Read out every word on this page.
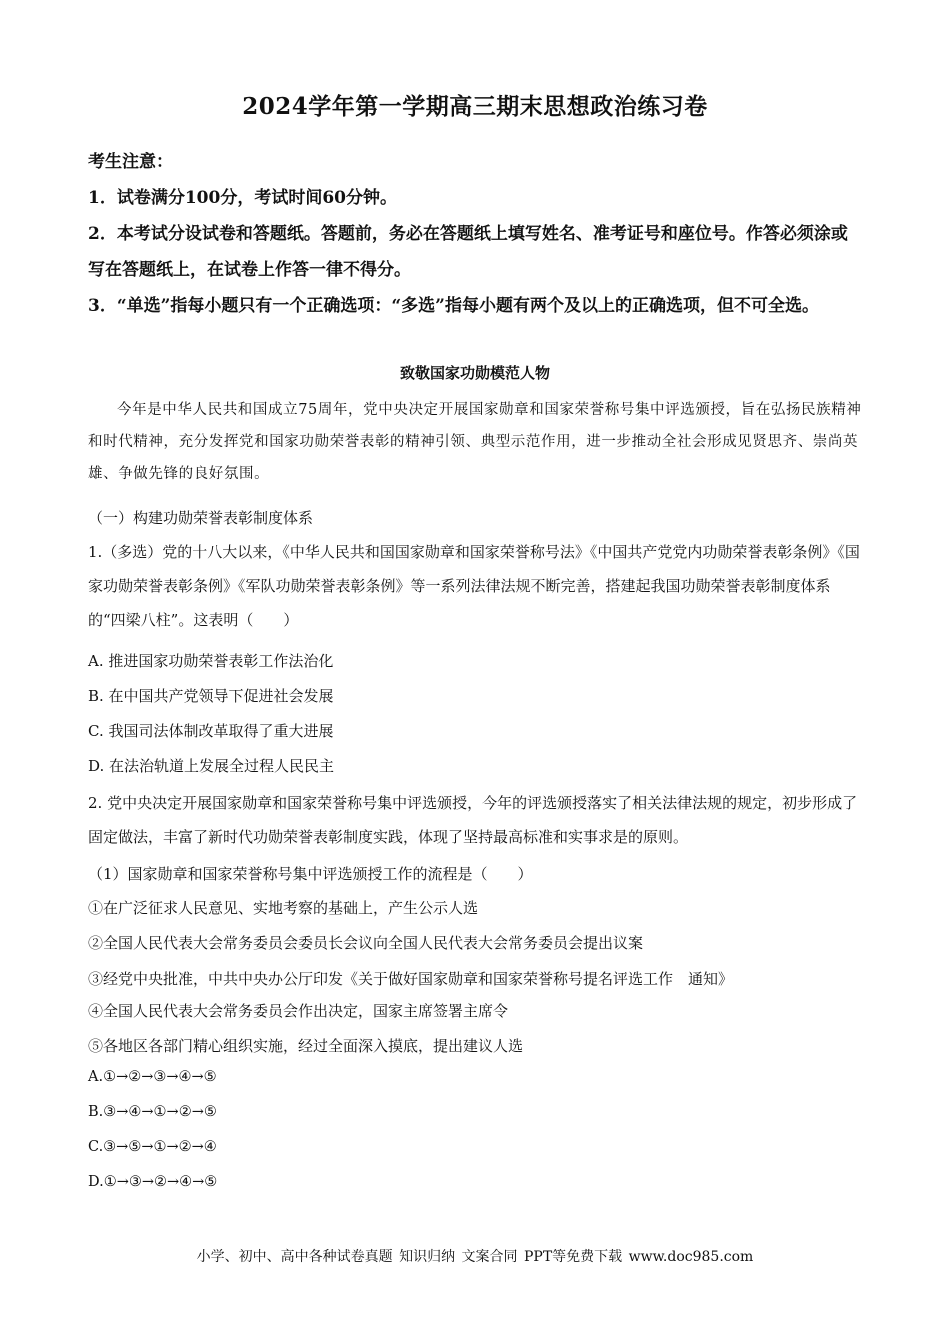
2024学年第一学期高三期末思想政治练习卷

考生注意：

1．试卷满分100分，考试时间60分钟。

2．本考试分设试卷和答题纸。答题前，务必在答题纸上填写姓名、准考证号和座位号。作答必须涂或写在答题纸上，在试卷上作答一律不得分。

3．“单选”指每小题只有一个正确选项：“多选”指每小题有两个及以上的正确选项，但不可全选。

致敬国家功勋模范人物
今年是中华人民共和国成立75周年，党中央决定开展国家勋章和国家荣誉称号集中评选颁授，旨在弘扬民族精神和时代精神，充分发挥党和国家功勋荣誉表彰的精神引领、典型示范作用，进一步推动全社会形成见贤思齐、崇尚英雄、争做先锋的良好氛围。
（一）构建功勋荣誉表彰制度体系
1.（多选）党的十八大以来，《中华人民共和国国家勋章和国家荣誉称号法》《中国共产党党内功勋荣誉表彰条例》《国家功勋荣誉表彰条例》《军队功勋荣誉表彰条例》等一系列法律法规不断完善，搭建起我国功勋荣誉表彰制度体系的“四梁八柱”。这表明（　　）
A. 推进国家功勋荣誉表彰工作法治化
B. 在中国共产党领导下促进社会发展
C. 我国司法体制改革取得了重大进展
D. 在法治轨道上发展全过程人民民主
2. 党中央决定开展国家勋章和国家荣誉称号集中评选颁授，今年的评选颁授落实了相关法律法规的规定，初步形成了固定做法，丰富了新时代功勋荣誉表彰制度实践，体现了坚持最高标准和实事求是的原则。
（1）国家勋章和国家荣誉称号集中评选颁授工作的流程是（　　）
①在广泛征求人民意见、实地考察的基础上，产生公示人选
②全国人民代表大会常务委员会委员长会议向全国人民代表大会常务委员会提出议案
③经党中央批准，中共中央办公厅印发《关于做好国家勋章和国家荣誉称号提名评选工作　通知》
④全国人民代表大会常务委员会作出决定，国家主席签署主席令
⑤各地区各部门精心组织实施，经过全面深入摸底，提出建议人选
A.①→②→③→④→⑤
B.③→④→①→②→⑤
C.③→⑤→①→②→④
D.①→③→②→④→⑤
小学、初中、高中各种试卷真题 知识归纳 文案合同 PPT等免费下载 www.doc985.com
